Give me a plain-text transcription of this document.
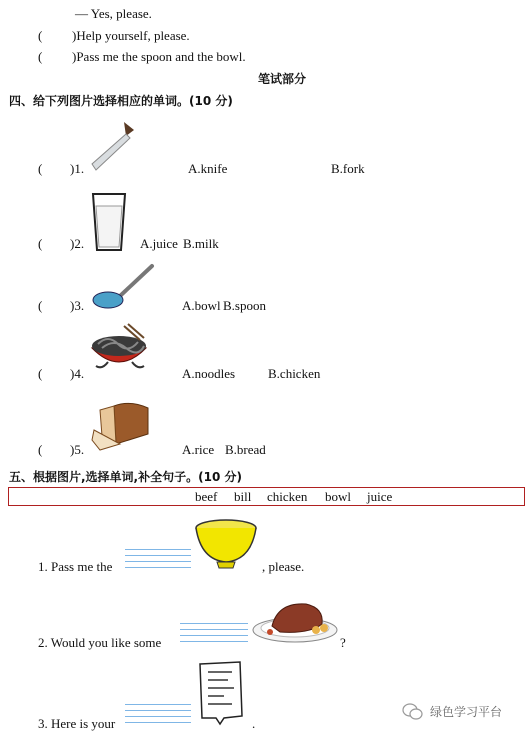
— Yes, please.
( )Help yourself, please.
( )Pass me the spoon and the bowl.
笔试部分
四、给下列图片选择相应的单词。(10 分)
( )1.	A.knife	B.fork
( )2.	A.juice B.milk
( )3.	A.bowl B.spoon
( )4.	A.noodles	B.chicken
( )5.	A.rice B.bread
五、根据图片,选择单词,补全句子。(10 分)
beef bill chicken bowl juice
1. Pass me the	, please.
2. Would you like some	?
3. Here is your	.
绿色学习平台
